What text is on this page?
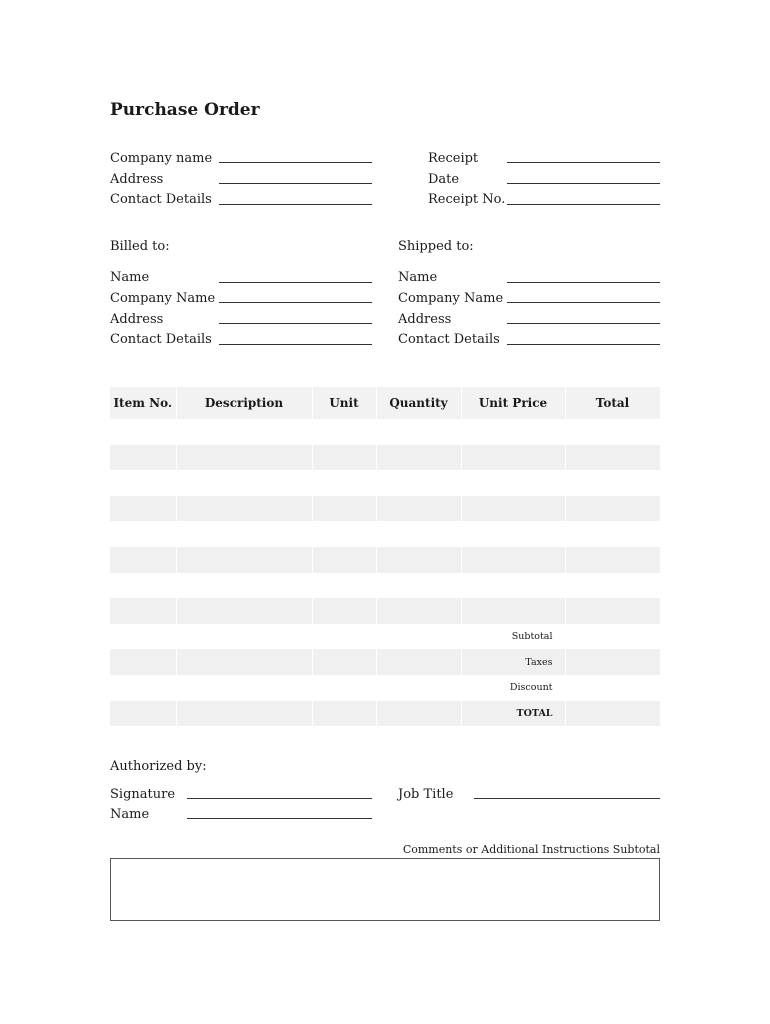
Purchase Order
Company name
Address
Contact Details
Receipt
Date
Receipt No.
Billed to:
Name
Company Name
Address
Contact Details
Shipped to:
Name
Company Name
Address
Contact Details
Item No.	Description	Unit	Quantity	Unit Price	Total

				Subtotal	
				Taxes	
				Discount	
				TOTAL	
Authorized by:
Signature
Name
Job Title
Comments or Additional Instructions Subtotal
